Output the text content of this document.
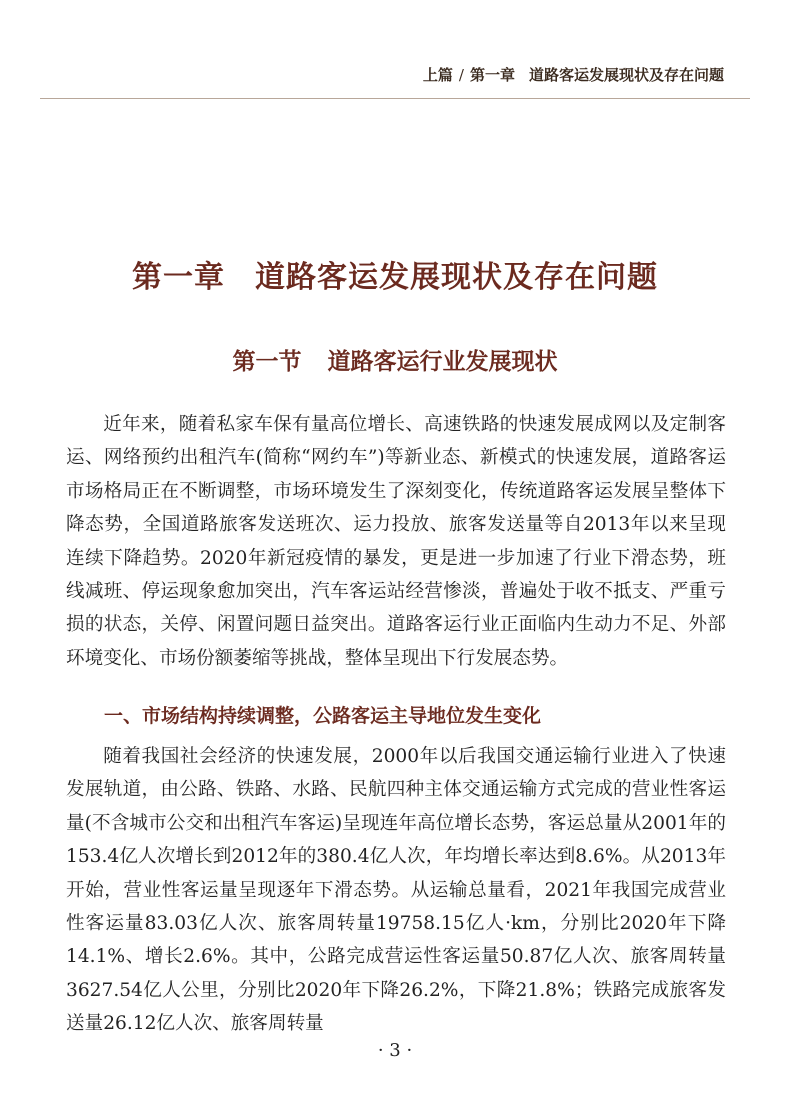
上篇 / 第一章 道路客运发展现状及存在问题
第一章 道路客运发展现状及存在问题
第一节 道路客运行业发展现状

近年来，随着私家车保有量高位增长、高速铁路的快速发展成网以及定制客运、网络预约出租汽车(简称“网约车”)等新业态、新模式的快速发展，道路客运市场格局正在不断调整，市场环境发生了深刻变化，传统道路客运发展呈整体下降态势，全国道路旅客发送班次、运力投放、旅客发送量等自2013年以来呈现连续下降趋势。2020年新冠疫情的暴发，更是进一步加速了行业下滑态势，班线减班、停运现象愈加突出，汽车客运站经营惨淡，普遍处于收不抵支、严重亏损的状态，关停、闲置问题日益突出。道路客运行业正面临内生动力不足、外部环境变化、市场份额萎缩等挑战，整体呈现出下行发展态势。

一、市场结构持续调整，公路客运主导地位发生变化

随着我国社会经济的快速发展，2000年以后我国交通运输行业进入了快速发展轨道，由公路、铁路、水路、民航四种主体交通运输方式完成的营业性客运量(不含城市公交和出租汽车客运)呈现连年高位增长态势，客运总量从2001年的153.4亿人次增长到2012年的380.4亿人次，年均增长率达到8.6%。从2013年开始，营业性客运量呈现逐年下滑态势。从运输总量看，2021年我国完成营业性客运量83.03亿人次、旅客周转量19758.15亿人·km，分别比2020年下降14.1%、增长2.6%。其中，公路完成营运性客运量50.87亿人次、旅客周转量3627.54亿人公里，分别比2020年下降26.2%，下降21.8%；铁路完成旅客发送量26.12亿人次、旅客周转量

· 3 ·
